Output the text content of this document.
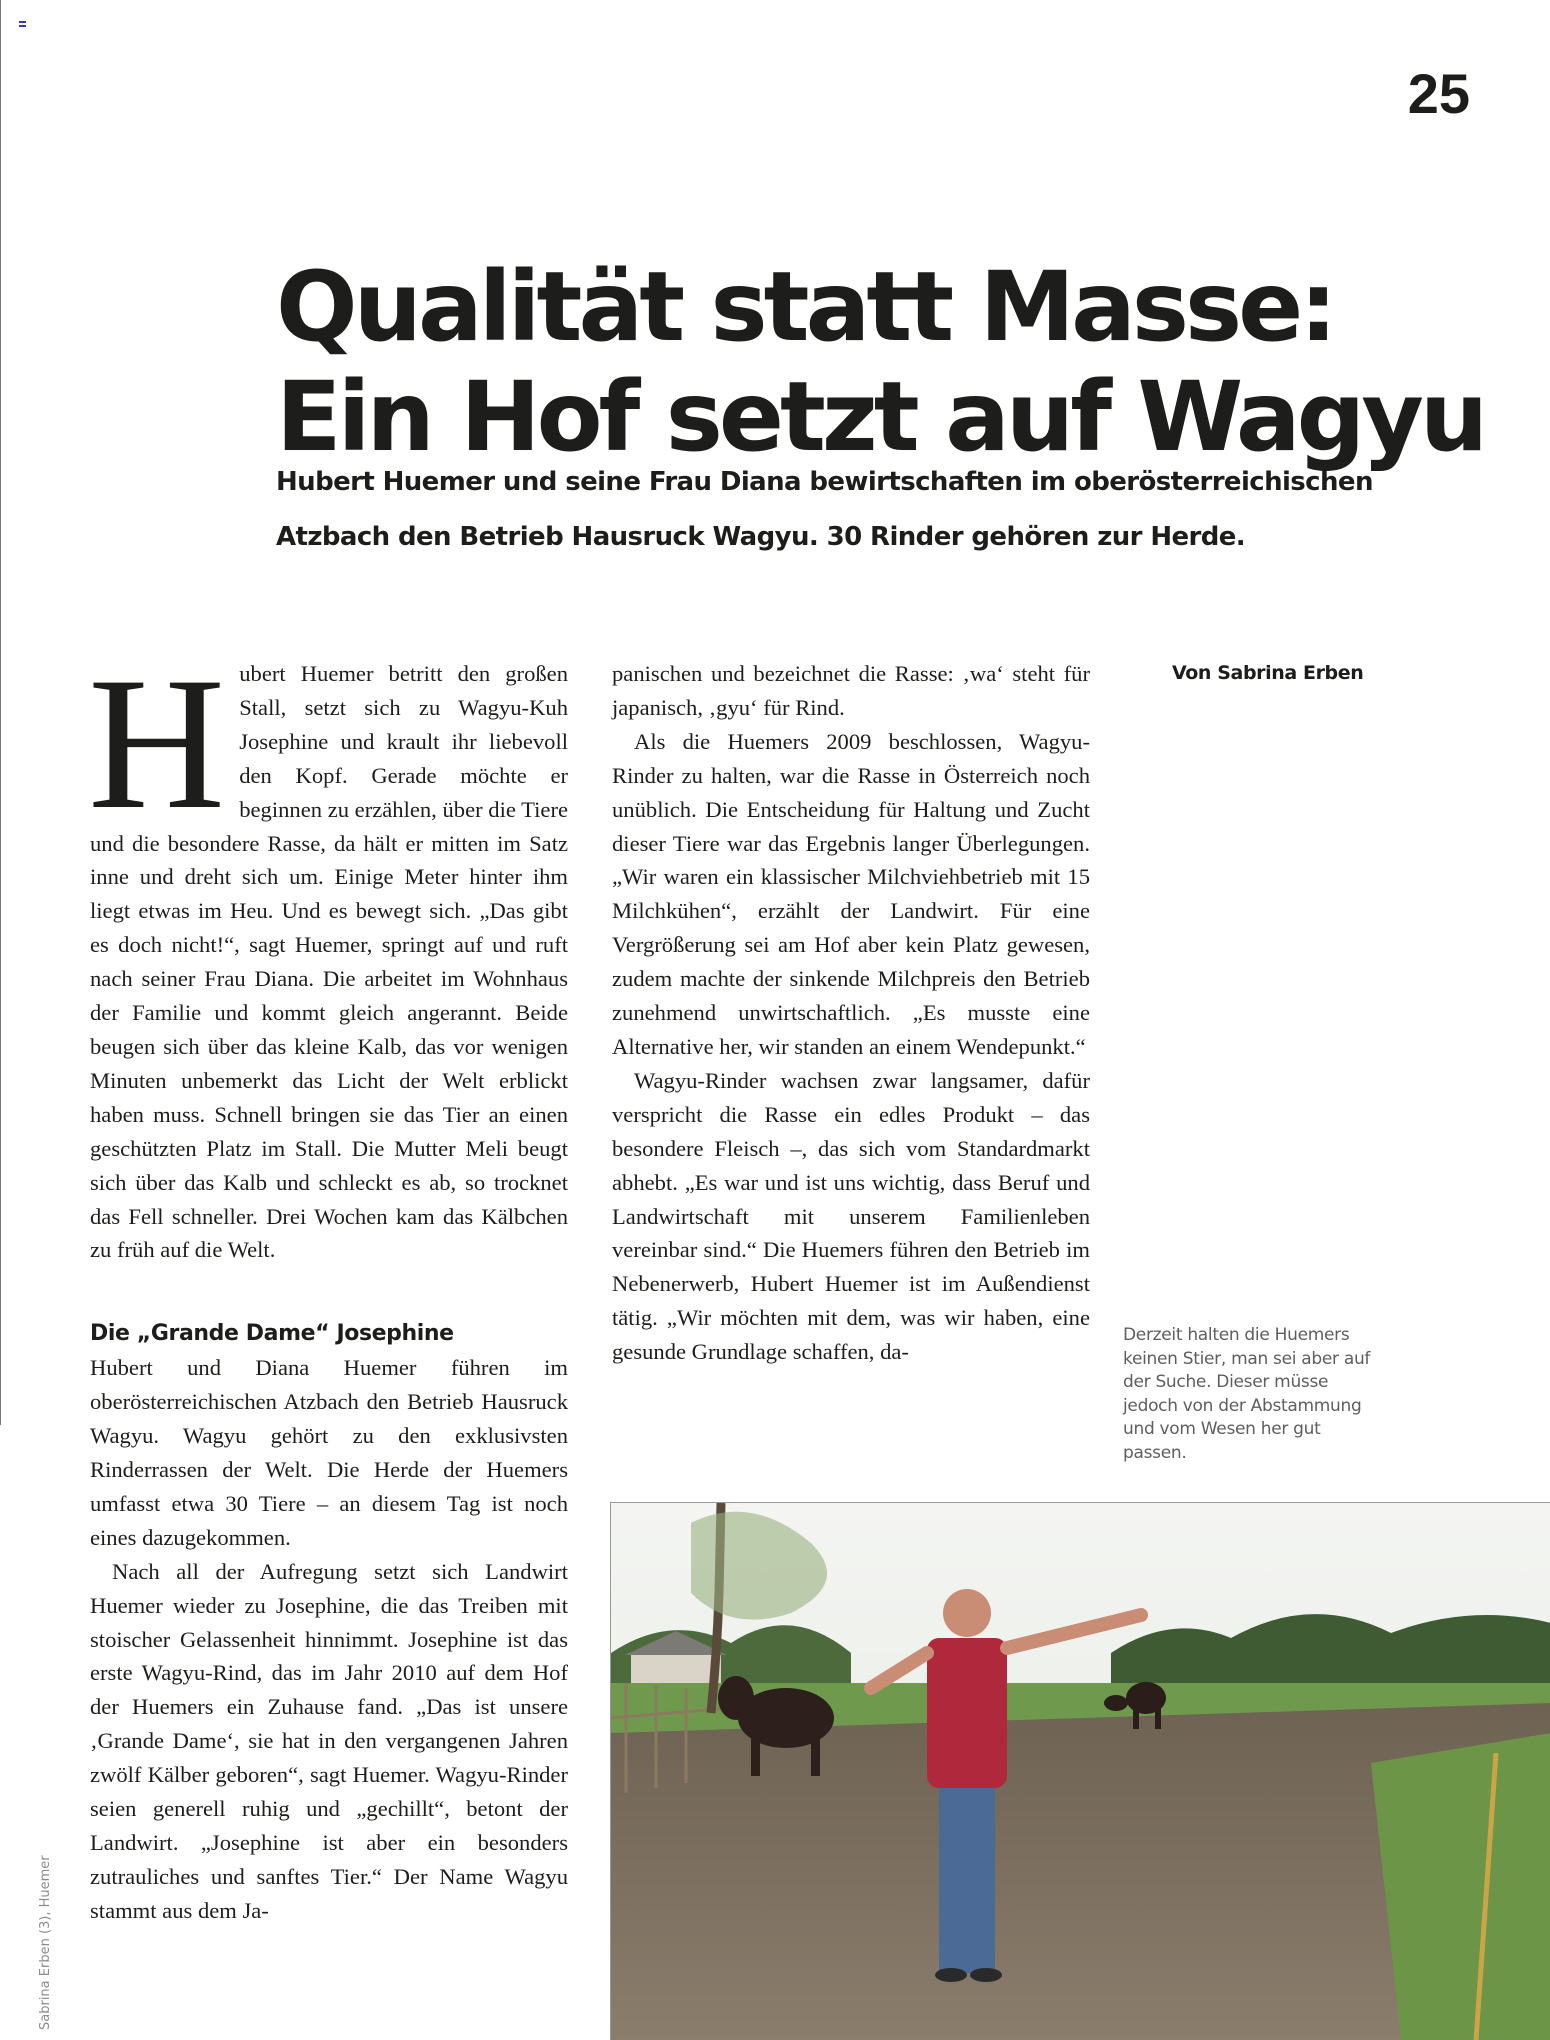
25
Qualität statt Masse:
Ein Hof setzt auf Wagyu

Hubert Huemer und seine Frau Diana bewirtschaften im oberösterreichischen
Atzbach den Betrieb Hausruck Wagyu. 30 Rinder gehören zur Herde.

Hubert Huemer betritt den großen Stall, setzt sich zu Wagyu-Kuh Josephine und krault ihr liebevoll den Kopf. Gerade möchte er beginnen zu erzählen, über die Tiere und die besondere Rasse, da hält er mitten im Satz inne und dreht sich um. Einige Meter hinter ihm liegt etwas im Heu. Und es bewegt sich. „Das gibt es doch nicht!“, sagt Huemer, springt auf und ruft nach seiner Frau Diana. Die arbeitet im Wohnhaus der Familie und kommt gleich angerannt. Beide beugen sich über das kleine Kalb, das vor wenigen Minuten unbemerkt das Licht der Welt erblickt haben muss. Schnell bringen sie das Tier an einen geschützten Platz im Stall. Die Mutter Meli beugt sich über das Kalb und schleckt es ab, so trocknet das Fell schneller. Drei Wochen kam das Kälbchen zu früh auf die Welt.

Die „Grande Dame“ Josephine

Hubert und Diana Huemer führen im oberösterreichischen Atzbach den Betrieb Hausruck Wagyu. Wagyu gehört zu den exklusivsten Rinderrassen der Welt. Die Herde der Huemers umfasst etwa 30 Tiere – an diesem Tag ist noch eines dazugekommen.

Nach all der Aufregung setzt sich Landwirt Huemer wieder zu Josephine, die das Treiben mit stoischer Gelassenheit hinnimmt. Josephine ist das erste Wagyu-Rind, das im Jahr 2010 auf dem Hof der Huemers ein Zuhause fand. „Das ist unsere ‚Grande Dame‘, sie hat in den vergangenen Jahren zwölf Kälber geboren“, sagt Huemer. Wagyu-Rinder seien generell ruhig und „gechillt“, betont der Landwirt. „Josephine ist aber ein besonders zutrauliches und sanftes Tier.“ Der Name Wagyu stammt aus dem Ja-

panischen und bezeichnet die Rasse: ‚wa‘ steht für japanisch, ‚gyu‘ für Rind.

Als die Huemers 2009 beschlossen, Wagyu-Rinder zu halten, war die Rasse in Österreich noch unüblich. Die Entscheidung für Haltung und Zucht dieser Tiere war das Ergebnis langer Überlegungen. „Wir waren ein klassischer Milchviehbetrieb mit 15 Milchkühen“, erzählt der Landwirt. Für eine Vergrößerung sei am Hof aber kein Platz gewesen, zudem machte der sinkende Milchpreis den Betrieb zunehmend unwirtschaftlich. „Es musste eine Alternative her, wir standen an einem Wendepunkt.“

Wagyu-Rinder wachsen zwar langsamer, dafür verspricht die Rasse ein edles Produkt – das besondere Fleisch –, das sich vom Standardmarkt abhebt. „Es war und ist uns wichtig, dass Beruf und Landwirtschaft mit unserem Familienleben vereinbar sind.“ Die Huemers führen den Betrieb im Nebenerwerb, Hubert Huemer ist im Außendienst tätig. „Wir möchten mit dem, was wir haben, eine gesunde Grundlage schaffen, da-

Von Sabrina Erben

Derzeit halten die Huemers keinen Stier, man sei aber auf der Suche. Dieser müsse jedoch von der Abstammung und vom Wesen her gut passen.

Sabrina Erben (3), Huemer
